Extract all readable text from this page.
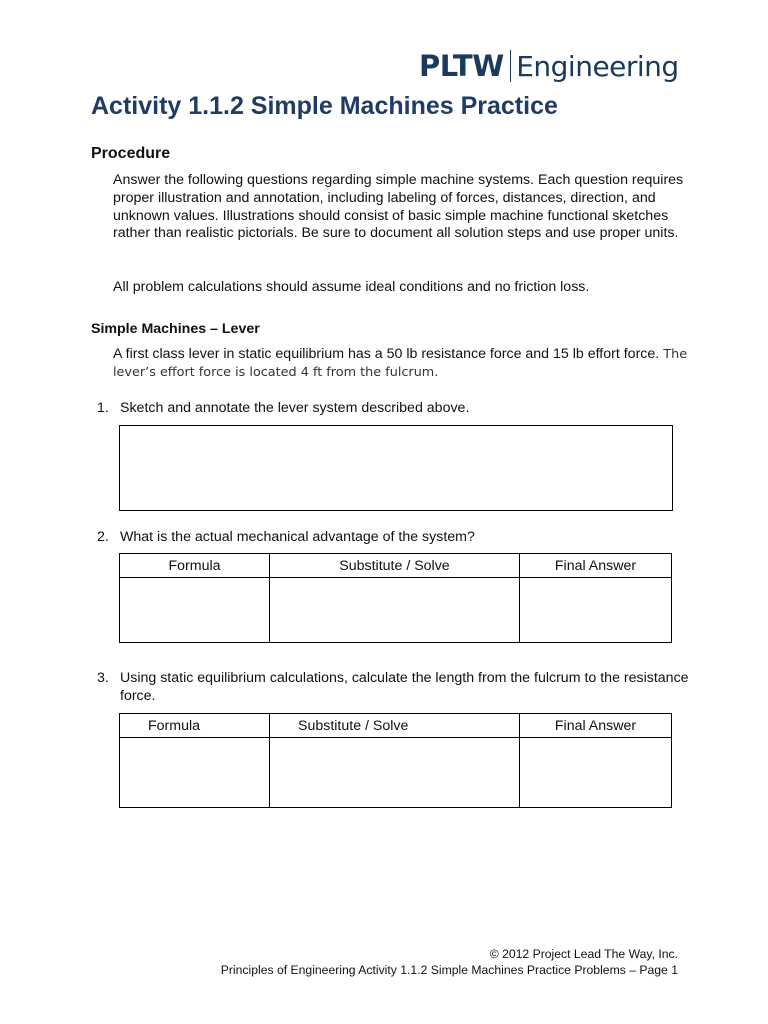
PLTW Engineering
Activity 1.1.2 Simple Machines Practice
Procedure

Answer the following questions regarding simple machine systems. Each question requires proper illustration and annotation, including labeling of forces, distances, direction, and unknown values. Illustrations should consist of basic simple machine functional sketches rather than realistic pictorials. Be sure to document all solution steps and use proper units.

All problem calculations should assume ideal conditions and no friction loss.

Simple Machines – Lever

A first class lever in static equilibrium has a 50 lb resistance force and 15 lb effort force. The lever’s effort force is located 4 ft from the fulcrum.

1. Sketch and annotate the lever system described above.
2. What is the actual mechanical advantage of the system?
Formula	Substitute / Solve	Final Answer

3. Using static equilibrium calculations, calculate the length from the fulcrum to the resistance force.
Formula	Substitute / Solve	Final Answer

© 2012 Project Lead The Way, Inc.
Principles of Engineering Activity 1.1.2 Simple Machines Practice Problems – Page 1
